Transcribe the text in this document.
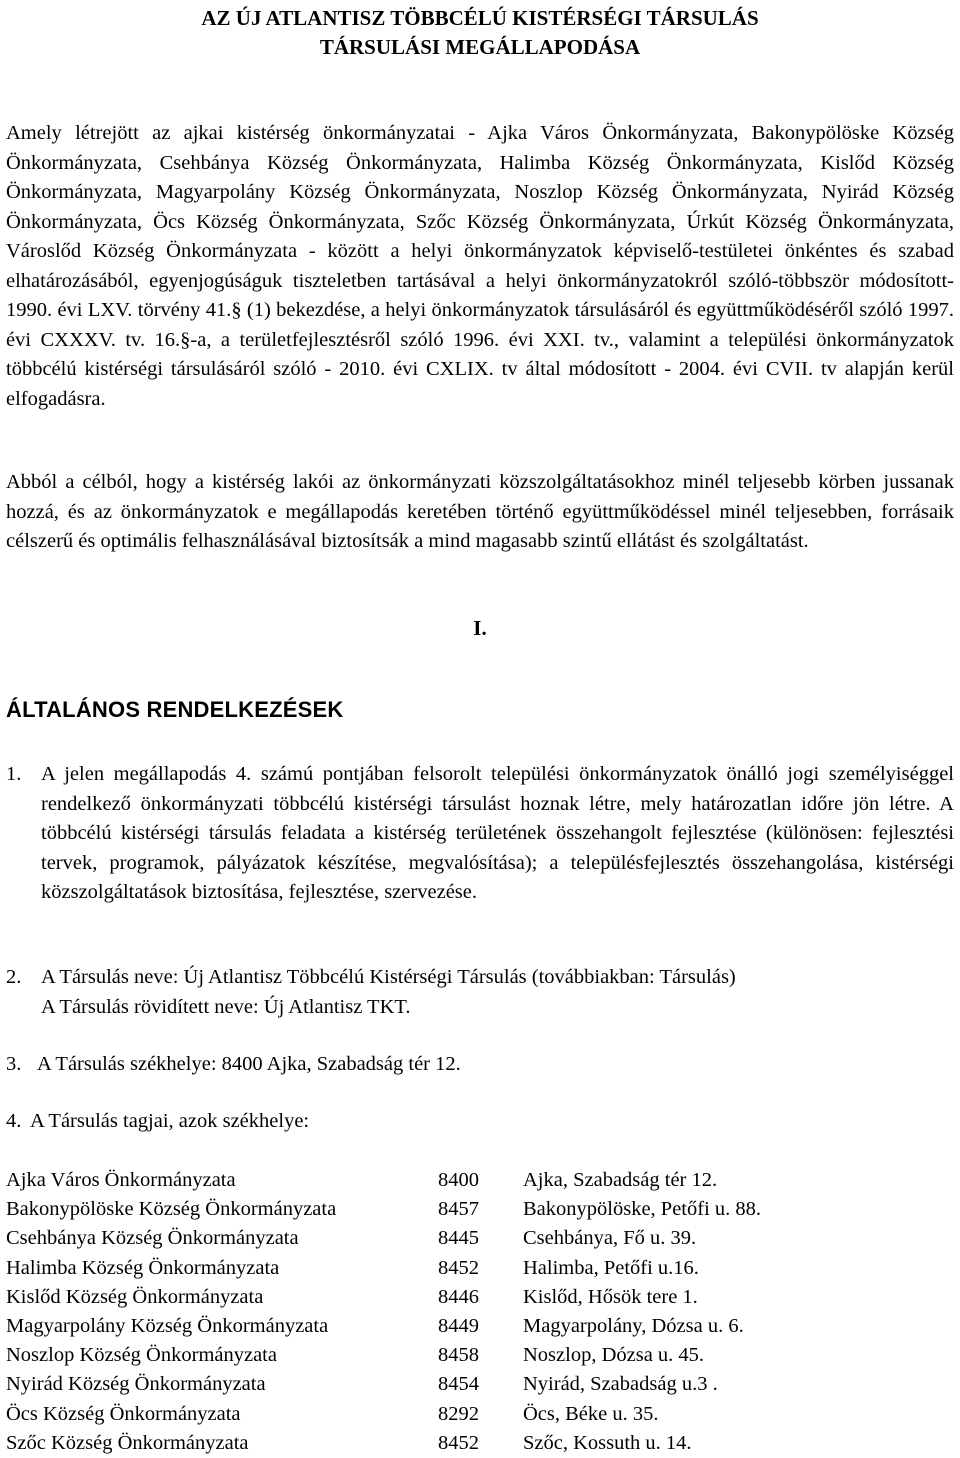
AZ ÚJ ATLANTISZ TÖBBCÉLÚ KISTÉRSÉGI TÁRSULÁS
TÁRSULÁSI MEGÁLLAPODÁSA
Amely létrejött az ajkai kistérség önkormányzatai - Ajka Város Önkormányzata, Bakonypölöske Község Önkormányzata, Csehbánya Község Önkormányzata, Halimba Község Önkormányzata, Kislőd Község Önkormányzata, Magyarpolány Község Önkormányzata, Noszlop Község Önkormányzata, Nyirád Község Önkormányzata, Öcs Község Önkormányzata, Szőc Község Önkormányzata, Úrkút Község Önkormányzata, Városlőd Község Önkormányzata - között a helyi önkormányzatok képviselő-testületei önkéntes és szabad elhatározásából, egyenjogúságuk tiszteletben tartásával a helyi önkormányzatokról szóló-többször módosított- 1990. évi LXV. törvény 41.§ (1) bekezdése, a helyi önkormányzatok társulásáról és együttműködéséről szóló 1997. évi CXXXV. tv. 16.§-a, a területfejlesztésről szóló 1996. évi XXI. tv., valamint a települési önkormányzatok többcélú kistérségi társulásáról szóló - 2010. évi CXLIX. tv által módosított - 2004. évi CVII. tv alapján kerül elfogadásra.
Abból a célból, hogy a kistérség lakói az önkormányzati közszolgáltatásokhoz minél teljesebb körben jussanak hozzá, és az önkormányzatok e megállapodás keretében történő együttműködéssel minél teljesebben, forrásaik célszerű és optimális felhasználásával biztosítsák a mind magasabb szintű ellátást és szolgáltatást.
I.
ÁLTALÁNOS RENDELKEZÉSEK
1. A jelen megállapodás 4. számú pontjában felsorolt települési önkormányzatok önálló jogi személyiséggel rendelkező önkormányzati többcélú kistérségi társulást hoznak létre, mely határozatlan időre jön létre. A többcélú kistérségi társulás feladata a kistérség területének összehangolt fejlesztése (különösen: fejlesztési tervek, programok, pályázatok készítése, megvalósítása); a településfejlesztés összehangolása, kistérségi közszolgáltatások biztosítása, fejlesztése, szervezése.
2. A Társulás neve: Új Atlantisz Többcélú Kistérségi Társulás (továbbiakban: Társulás)
A Társulás rövidített neve: Új Atlantisz TKT.
3. A Társulás székhelye: 8400 Ajka, Szabadság tér 12.
4. A Társulás tagjai, azok székhelye:
Ajka Város Önkormányzata	8400 Ajka, Szabadság tér 12.
Bakonypölöske Község Önkormányzata	8457 Bakonypölöske, Petőfi u. 88.
Csehbánya Község Önkormányzata	8445 Csehbánya, Fő u. 39.
Halimba Község Önkormányzata	8452 Halimba, Petőfi u.16.
Kislőd Község Önkormányzata	8446 Kislőd, Hősök tere 1.
Magyarpolány Község Önkormányzata	8449 Magyarpolány, Dózsa u. 6.
Noszlop Község Önkormányzata	8458 Noszlop, Dózsa u. 45.
Nyirád Község Önkormányzata	8454 Nyirád, Szabadság u.3 .
Öcs Község Önkormányzata	8292 Öcs, Béke u. 35.
Szőc Község Önkormányzata	8452 Szőc, Kossuth u. 14.
